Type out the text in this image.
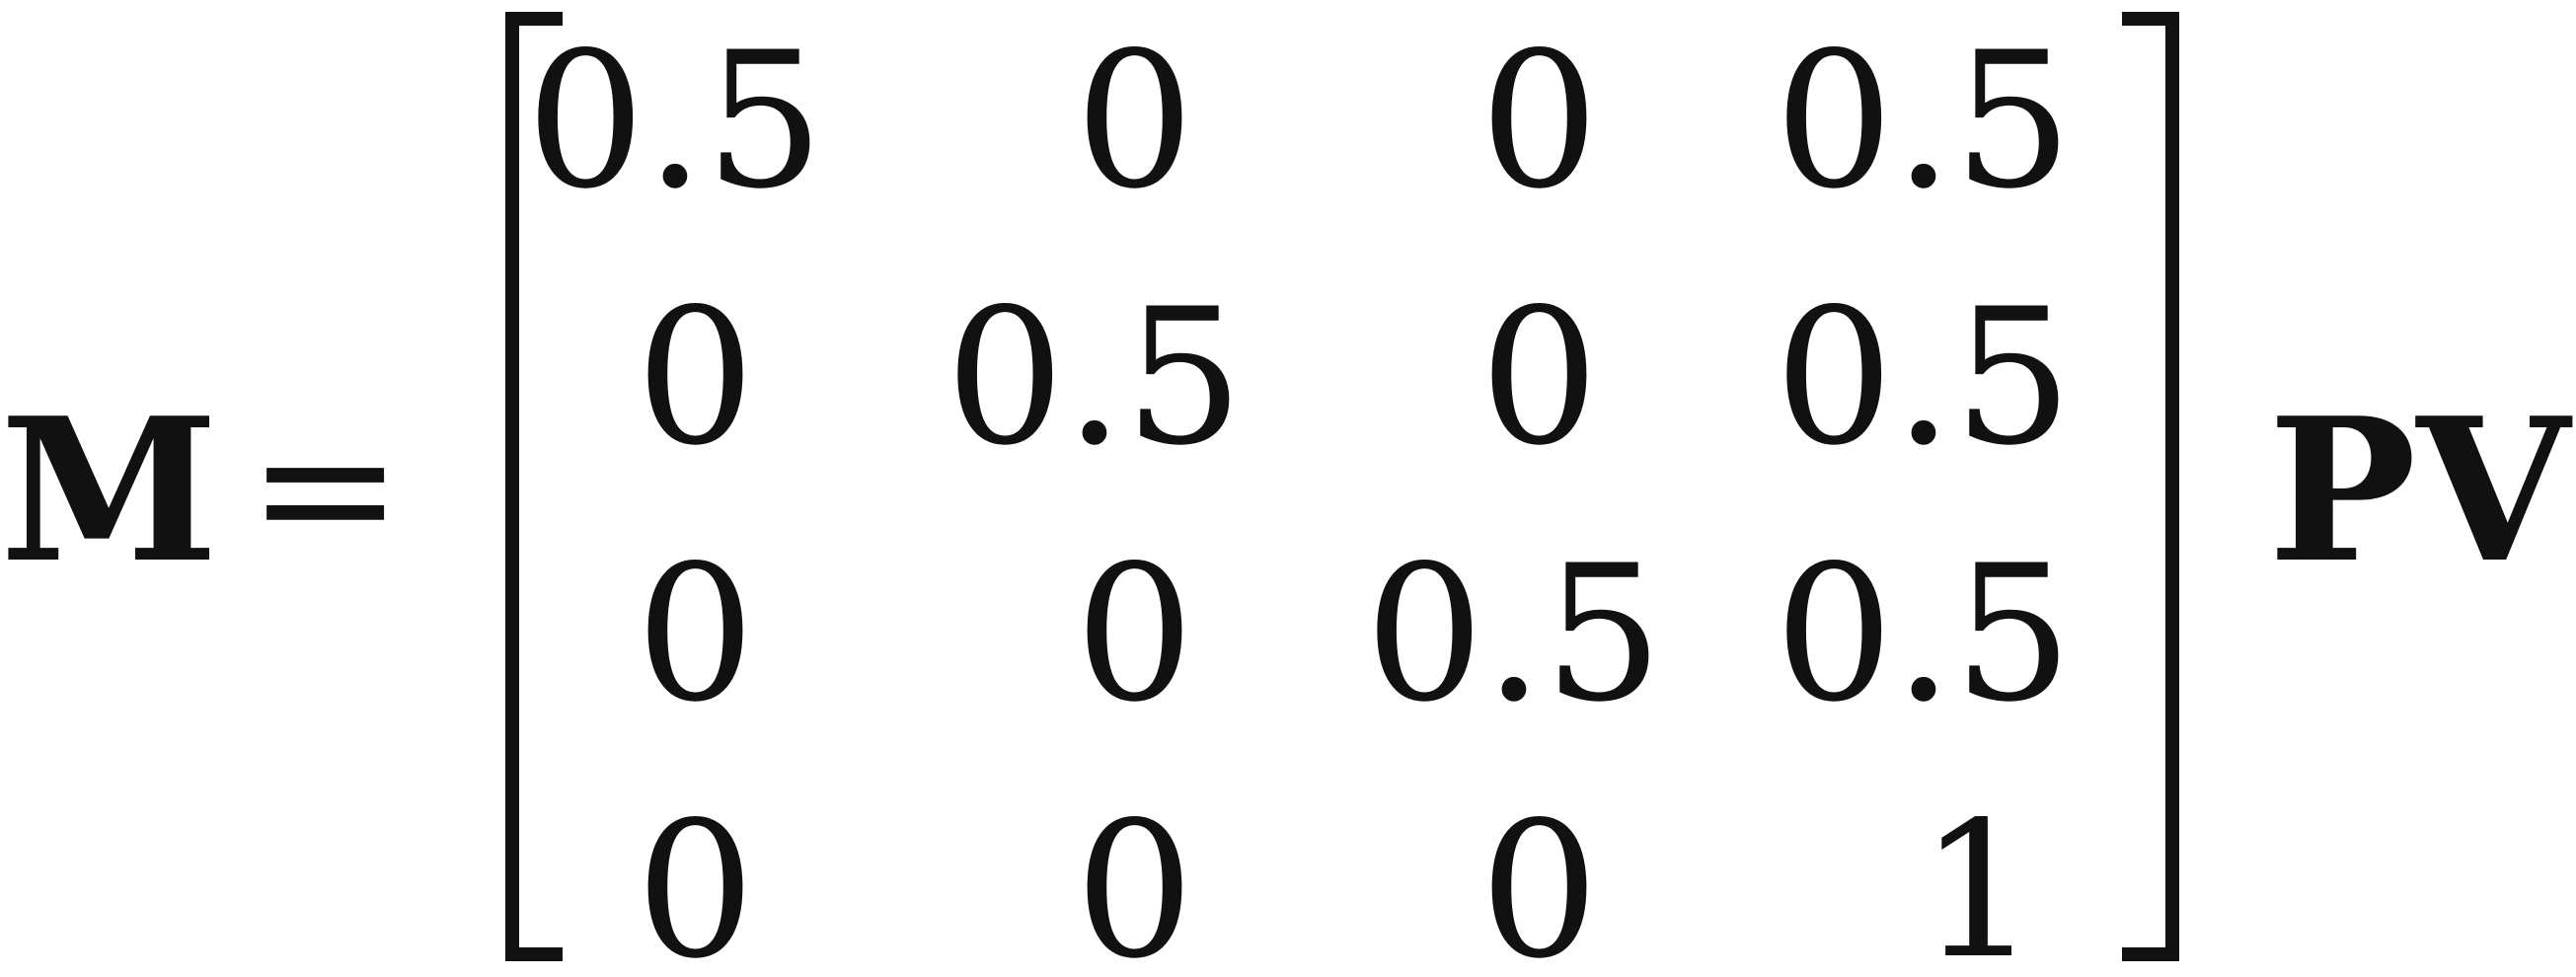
M =
0.5	0	0 0.5
0 0.5	0 0.5
0	0 0.5 0.5
0	0	0	1
PV
